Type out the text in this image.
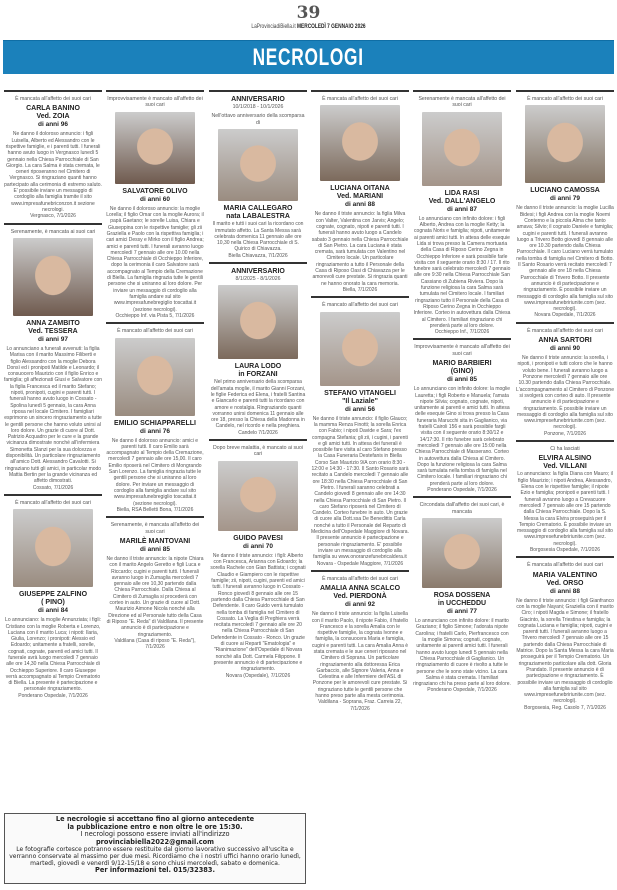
39
LaProvinciadiBiella.it MERCOLEDÌ 7 GENNAIO 2026
NECROLOGI
È mancata all'affetto dei suoi cari
CARLA BANINO
Ved. ZOIA
di anni 96
Ne danno il doloroso annuncio: i figli Luisella, Alberto ed Alessandro con le rispettive famiglie, e i parenti tutti. I funerali hanno avuto luogo in Vergnasco lunedì 5 gennaio nella Chiesa Parrocchiale di San Giorgio. La cara Salma è stata cremata, le ceneri riposeranno nel Cimitero di Vergnasco. Si ringraziano quanti hanno partecipato alla cerimonia di estremo saluto. E' possibile inviare un messaggio di cordoglio alla famiglia tramite il sito www.impresafunebriconzon.it sezione necrologi.
Vergnasco, 7/1/2026
Serenamente, è mancata ai suoi cari
ANNA ZAMBITO
Ved. TESSERA
di anni 97
Lo annunciano a funerali avvenuti: la figlia Marisa con il marito Massimo Filiberti e figlio Alessandro con la moglie Debora Donsì ed i pronipoti Matilde e Leonardo; il consuocero Maurizio con il figlio Enrico e famiglia; gli affezionati Giusi e Salvatore con la figlia Francesca ed il marito Stefano; nipoti, pronipoti, cugini e parenti tutti. I funerali hanno avuto luogo in Cossato - Spolina lunedì 5 gennaio, la cara Anna riposa nel locale Cimitero. I famigliari esprimono un sincero ringraziamento a tutte le gentili persone che hanno voluto unirsi al loro dolore. Un grazie di cuore al Dott. Patrizio Acquadro per le cure e la grande vicinanza dimostrate nonché all'infermiera Simonetta Slanzi per la sua dolcezza e disponibilità. Un particolare ringraziamento all'amico Dott. Alessandro Cavalotti. Si ringraziano tutti gli amici, in particolar modo Mattia Bertin per la grande vicinanza ed affetto dimostrati.
Cossato, 7/1/2026
È mancato all'affetto dei suoi cari
GIUSEPPE ZALFINO
( PINO)
di anni 84
Lo annunciano: la moglie Annunziata; i figli: Cristiano con la moglie Roberta e Lorenzo, Luciana con il marito Luca; i nipoti: Ilaria, Giulia, Lorenzo; i pronipoti: Alessio ed Edoardo; unitamente a fratelli, sorelle, cognati, cognate, parenti ed amici tutti. Il funerale avrà luogo mercoledì 7 gennaio alle ore 14,30 nella Chiesa Parrocchiale di Occhieppo Superiore. Il caro Giuseppe verrà accompagnato al Tempio Crematorio di Biella. La presente è partecipazione e personale ringraziamento.
Ponderano Ospedale, 7/1/2026
Improvvisamente è mancato all'affetto dei suoi cari
SALVATORE OLIVO
di anni 60
Ne danno il doloroso annuncio: la moglie Lorella; il figlio Omar con la moglie Aurora; il papà Gaetano; le sorelle Luisa, Chiara e Giuseppina con le rispettive famiglie; gli zii Graziella e Paolo con la rispettiva famiglia; i cari amici Dessy e Mirko con il figlio Andrea; amici e parenti tutti. I funerali avranno luogo mercoledì 7 gennaio alle ore 10.00 nella Chiesa Parrocchiale di Occhieppo Inferiore, dopo la cerimonia il caro Salvatore sarà accompagnato al Tempio della Cremazione di Biella. La famiglia ringrazia tutte le gentili persone che si uniranno al loro dolore. Per inviare un messaggio di cordoglio alla famiglia andare sul sito www.impresafunebregiglio toscattai.it (sezione necrologi).
Occhieppo Inf. via Pista 5, 7/1/2026
È mancato all'affetto dei suoi cari
EMILIO SCHIAPPARELLI
di anni 76
Ne danno il doloroso annuncio: amici e parenti tutti. Il caro Emilio sarà accompagnato al Tempio della Cremazione, mercoledì 7 gennaio alle ore 15,00. Il caro Emilio riposerà nel Cimitero di Mongrando San Lorenzo. La famiglia ringrazia tutte le gentili persone che si uniranno al loro dolore. Per inviare un messaggio di cordoglio alla famiglia andare sul sito www.impresafunebregiglio toscattai.it (sezione necrologi).
Biella, RSA Belletti Bona, 7/1/2026
Serenamente, è mancata all'affetto dei suoi cari
MARILÈ MANTOVANI
di anni 85
Ne danno il triste annuncio: la nipote Chiara con il marito Angelo Geretto e figli Luca e Riccardo; cugini e parenti tutti. I funerali avranno luogo in Zumaglia mercoledì 7 gennaio alle ore 10,30 partendo dalla Chiesa Parrocchiale. Dalla Chiesa al Cimitero di Zumaglia si procederà con corteo in auto. Un grazie di cuore al Dott. Maurizio Aimone Nicola nonché alla Direzione ed al Personale tutto della Casa di Riposo "E. Reda" di Valdilana. Il presente annuncio è di partecipazione e ringraziamento.
Valdilana (Casa di riposo "E. Reda"), 7/1/2026
ANNIVERSARIO
10/1/2018 - 10/1/2026
Nell'ottavo anniversario della scomparsa di
MARIA CALLEGARO
nata LABALESTRA
Il marito e tutti i suoi cari la ricordano con immutato affetto. La Santa Messa sarà celebrata domenica 11 gennaio alle ore 10,30 nella Chiesa Parrocchiale di S. Quirico di Chiavazza.
Biella Chiavazza, 7/1/2026
ANNIVERSARIO
8/1/2025 - 8/1/2026
LAURA LODO
in FORZANI
Nel primo anniversario della scomparsa dell'amata moglie, il marito Gianni Forzani, le figlie Federica ed Elena, i fratelli Santina e Giancarlo e parenti tutti la ricordano con amore e nostalgia. Ringraziando quanti vorranno unirsi domenica 11 gennaio alle ore 18, presso la Chiesa della Madonna in Candelo, nel ricordo e nella preghiera.
Candelo 7/1/2026
Dopo breve malattia, è mancato ai suoi cari
GUIDO PAVESI
di anni 70
Ne danno il triste annuncio: i figli: Alberto con Francesca, Arianna con Edoardo; la sorella Rachele con Gian Battista; i cognati Claudio e Giampiero con le rispettive famiglie; zii, nipoti, cugini, parenti ed amici tutti. I funerali avranno luogo in Cossato - Ronco giovedì 8 gennaio alle ore 15 partendo dalla Chiesa Parrocchiale di San Defendente. Il caro Guido verrà tumulato nella tomba di famiglia nel Cimitero di Cossato. La Veglia di Preghiera verrà recitata mercoledì 7 gennaio alle ore 20 nella Chiesa Parrocchiale di San Defendente in Cossato - Ronco. Un grazie di cuore ai Reparti "Ematologia" e "Rianimazione" dell'Ospedale di Novara nonché alla Dott. Carmela Filippone. Il presente annuncio è di partecipazione e ringraziamento.
Novara (Ospedale), 7/1/2026
È mancata all'affetto dei suoi cari
LUCIANA OITANA
Ved. MARIANI
di anni 88
Ne danno il triste annuncio: la figlia Milva con Valter, Valentina con Jarvis; Angelo; cognate, cognato, nipoti e parenti tutti. I funerali hanno avuto luogo a Candelo sabato 3 gennaio nella Chiesa Parrocchiale di San Pietro. La cara Luciana è stata cremata, sarà tumulata con Valentino nel Cimitero locale. Un particolare ringraziamento a tutto il Personale della Casa di Riposo Oasi di Chiavazza per le amorevoli cure prestate. Si ringrazia quanti ne hanno onorato la cara memoria.
Biella, 7/1/2026
È mancato all'affetto dei suoi cari
STEFANO VITANGELI
"Il Laziale"
di anni 56
Ne danno il triste annuncio: il figlio Glauco; la mamma Renza Finotti; la sorella Enrica con Fabio; i nipoti Davide e Sara; l'ex compagna Stefania; gli zii, i cugini, i parenti e gli amici tutti. In attesa dei funerali è possibile fare visita al caro Stefano presso la Casa Funeraria Destefanis in Biella Corso San Maurizio 9/A con orario 8:30 - 12:00 e 14:30 - 17:30. Il Santo Rosario sarà recitato a Candelo mercoledì 7 gennaio alle ore 18:30 nella Chiesa Parrocchiale di San Pietro. I funerali saranno celebrati a Candelo giovedì 8 gennaio alle ore 14:30 nella Chiesa Parrocchiale di San Pietro. Il caro Stefano riposerà nel Cimitero di Candelo. Corteo funebre in auto. Un grazie di cuore alla Dott.ssa De Benedittis Carla nonché a tutto il Personale del Reparto di Medicina dell'Ospedale Maggiore di Novara. Il presente annuncio è partecipazione e personale ringraziamento. E' possibile inviare un messaggio di cordoglio alla famiglia su www.onoranzefunebricaldera.it
Novara - Ospedale Maggiore, 7/1/2026
È mancata all'affetto dei suoi cari
AMALIA ANNA SCALCO
Ved. PIERDONÀ
di anni 92
Ne danno il triste annuncio: la figlia Luisella con il marito Paolo, il nipote Fabio, il fratello Francesco e la sorella Amalia con le rispettive famiglie, la cognata Ivonne e famiglia, la consuocera Maria e famiglia, cugini e parenti tutti. La cara Amalia Anna è stata cremata e le sue ceneri riposano nel Cimitero di Soprana. Un particolare ringraziamento alla dottoressa Erica Garbaccio, alle Signore Valeria, Anna e Celestina e alle Infermiere dell'ASL di Ponzone per le amorevoli cure prestate. Si ringraziano tutte le gentili persone che hanno preso parte alla mesta cerimonia.
Valdilana - Soprana, Fraz. Carreia 22, 7/1/2026
Serenamente è mancata all'affetto dei suoi cari
LIDA RASI
Ved. DALL'ANGELO
di anni 87
Lo annunciano con infinito dolore: i figli Alberto, Andrea con la moglie Ketty; la cognata Noris e famiglia; nipoti, unitamente ai parenti amici tutti. In attesa delle esequie Lida si trova presso la Camera mortuaria della Casa di Riposo Cerino Zegna in Occhieppo Inferiore e sarà possibile farle visita con il seguente orario 8:30 / 17. Il rito funebre sarà celebrato mercoledì 7 gennaio alle ore 9:30 nella Chiesa Parrocchiale San Cassiano di Zubiena Riviera. Dopo la funzione religiosa la cara Salma sarà tumulata nel Cimitero locale. I familiari ringraziano tutto il Personale della Casa di Riposo Cerino Zegna in Occhieppo Inferiore. Corteo in autovettura dalla Chiesa al Cimitero. I familiari ringraziano chi prenderà parte al loro dolore.
Occhieppo Inf., 7/1/2026
Improvvisamente è mancato all'affetto dei suoi cari
MARIO BARBIERI
(GINO)
di anni 85
Lo annunciano con infinito dolore: la moglie Lauretta; i figli Roberto e Manuela; l'amata nipote Silvia; cognato, cognate, nipoti, unitamente ai parenti e amici tutti. In attesa delle esequie Gino si trova presso la Casa funeraria Marucchi sita in Gaglianico, via fratelli Cairoli 156 e sarà possibile fargli visita con il seguente orario 8:30/12 e 14/17:30. Il rito funebre sarà celebrato mercoledì 7 gennaio alle ore 15:00 nella Chiesa Parrocchiale di Masserano. Corteo in autovettura dalla Chiesa al Cimitero. Dopo la funzione religiosa la cara Salma sarà tumulata nella tomba di famiglia nel Cimitero locale. I familiari ringraziano chi prenderà parte al loro dolore.
Ponderano Ospedale, 7/1/2026
Circondata dall'affetto dei suoi cari, è mancata
ROSA DOSSENA
in UCCHEDDU
di anni 77
Lo annunciano con infinito dolore: il marito Graziano; il figlio Simone; l'adorata nipote Carolina; i fratelli Carlo, Pierfrancesco con la moglie Simona; cognati, cognate, unitamente ai parenti amici tutti. I funerali hanno avuto luogo lunedì 5 gennaio nella Chiesa Parrocchiale di Gaglianico. Un ringraziamento di cuore è rivolto a tutte le persone che le sono state vicino. La cara Salma è stata cremata. I familiari ringraziano chi ha preso parte al loro dolore.
Ponderano Ospedale, 7/1/2026
È mancato all'affetto dei suoi cari
LUCIANO CAMOSSA
di anni 79
Ne danno il triste annuncio: la moglie Lucilla Bidesi; i figli Andrea con la moglie Noemi Conterno e la piccola Alma che tanto amava; Silvio; il cognato Daniele e famiglia; cugini e parenti tutti. I funerali avranno luogo a Trivero Botto giovedì 8 gennaio alle ore 10.30 partendo dalla Chiesa Parrocchiale. Il caro Luciano verrà tumulato nella tomba di famiglia nel Cimitero di Botto. Il Santo Rosario verrà recitato mercoledì 7 gennaio alle ore 18 nella Chiesa Parrocchiale di Trivero Botto. Il presente annuncio è di partecipazione e ringraziamento. È possibile inviare un messaggio di cordoglio alla famiglia sul sito www.impresafunebririunite.com (sez. necrologi).
Novara Ospedale, 7/1/2026
È mancata all'affetto dei suoi cari
ANNA SARTORI
di anni 90
Ne danno il triste annuncio: la sorella, i nipoti, i pronipoti e tutti coloro che le hanno voluto bene. I funerali avranno luogo a Ponzone mercoledì 7 gennaio alle ore 10.30 partendo dalla Chiesa Parrocchiale. L'accompagnamento al Cimitero di Ponzone si svolgerà con corteo di auto. Il presente annuncio è di partecipazione e ringraziamento. È possibile inviare un messaggio di cordoglio alla famiglia sul sito www.impresefunebririunite.com (sez. necrologi).
Ponzone, 7/1/2026
Ci ha lasciati
ELVIRA ALSINO
Ved. VILLANI
Lo annunciano: la figlia Diana con Mauro; il figlio Maurizio; i nipoti Andrea, Alessandro, Elena con le rispettive famiglie; il nipote Ezio e famiglia; pronipoti e parenti tutti. I funerali avranno luogo a Crevacuore mercoledì 7 gennaio alle ore 15 partendo dalla Chiesa Parrocchiale. Dopo la S. Messa la cara Elvira proseguirà per il Tempio Crematorio. È possibile inviare un messaggio di cordoglio alla famiglia sul sito www.impresefunebririunite.com (sez. necrologi).
Borgosesia Ospedale, 7/1/2026
È mancata all'affetto dei suoi cari
MARIA VALENTINO
Ved. ORSO
di anni 88
Ne danno il triste annuncio: i figli Gianfranco con la moglie Nayani; Graziella con il marito Ciro; i nipoti Magda e Simone; il fratello Giacinto, la sorella Triestina e famiglia; la cognata Luciana e famiglia; nipoti, cugini e parenti tutti. I funerali avranno luogo a Trivero mercoledì 7 gennaio alle ore 15 partendo dalla Chiesa Parrocchiale di Matrice. Dopo la Santa Messa la cara Maria proseguirà per il Tempio Crematorio. Un ringraziamento particolare alla dott. Gloria Prandato. Il presente annuncio è di partecipazione e ringraziamento. È possibile inviare un messaggio di cordoglio alla famiglia sul sito www.impresefunebririunite.com (sez. necrologi).
Borgosesia, Reg. Casolo 7, 7/1/2026
Le necrologie si accettano fino al giorno antecedente
la pubblicazione entro e non oltre le ore 15:30.
I necrologi possono essere inviati all'indirizzo
provinciabiella2022@gmail.com
Le fotografie cortesce potranno essere restituite dal giorno lavorativo successivo all'uscita e verranno conservate al massimo per due mesi. Ricordiamo che i nostri uffici hanno orario lunedì, martedì, giovedì e venerdì 9/12-15/18 e sono chiusi mercoledì, sabato e domenica.
Per informazioni tel. 015/32383.
